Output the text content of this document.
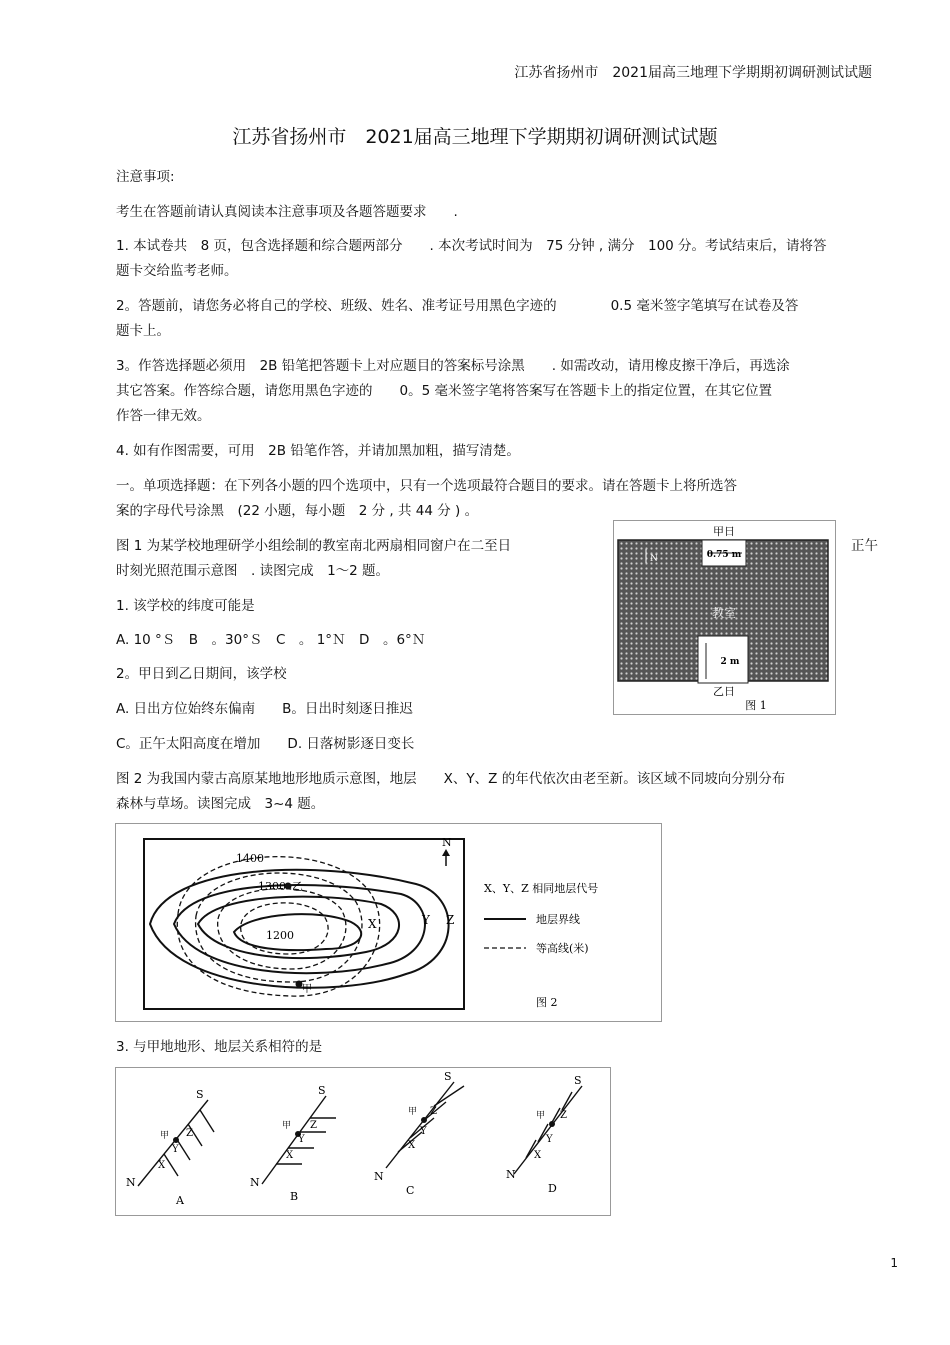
江苏省扬州市　2021届高三地理下学期期初调研测试试题
江苏省扬州市　2021届高三地理下学期期初调研测试试题
注意事项:
考生在答题前请认真阅读本注意事项及各题答题要求　　.
1. 本试卷共　8 页，包含选择题和综合题两部分　　. 本次考试时间为　75 分钟 , 满分　100 分。考试结束后，请将答
题卡交给监考老师。
2。答题前，请您务必将自己的学校、班级、姓名、准考证号用黑色字迹的　　　　0.5 毫米签字笔填写在试卷及答
题卡上。
3。作答选择题必须用　2B 铅笔把答题卡上对应题目的答案标号涂黑　　. 如需改动，请用橡皮擦干净后，再选涂
其它答案。作答综合题，请您用黑色字迹的　　0。5 毫米签字笔将答案写在答题卡上的指定位置，在其它位置
作答一律无效。
4. 如有作图需要，可用　2B 铅笔作答，并请加黑加粗，描写清楚。
一。单项选择题：在下列各小题的四个选项中，只有一个选项最符合题目的要求。请在答题卡上将所选答
案的字母代号涂黑　(22 小题，每小题　2 分 , 共 44 分 ) 。
图 1 为某学校地理研学小组绘制的教室南北两扇相同窗户在二至日	正午
时刻光照范围示意图　. 读图完成　1～2 题。
1. 该学校的纬度可能是
A. 10 °Ｓ　B　。30°Ｓ　C　。 1°Ｎ　D　。6°Ｎ
2。甲日到乙日期间，该学校
A. 日出方位始终东偏南　　B。日出时刻逐日推迟
C。正午太阳高度在增加　　D. 日落树影逐日变长
甲日
0.75 m
教室
2 m
乙日
图 1
N
图 2 为我国内蒙古高原某地地形地质示意图，地层　　X、Y、Z 的年代依次由老至新。该区域不同坡向分别分布
森林与草场。读图完成　3~4 题。
1400
1300
1200
乙
甲
X	Y Z
N
X、Y、Z 相同地层代号
地层界线
等高线(米)
图 2
3. 与甲地地形、地层关系相符的是
S
N
甲
X
Y
Z
A
S
N
甲
X
Y
Z
B
S
N
甲
X
Y
Z
C
S
N
甲
X
Y
Z
D
1
